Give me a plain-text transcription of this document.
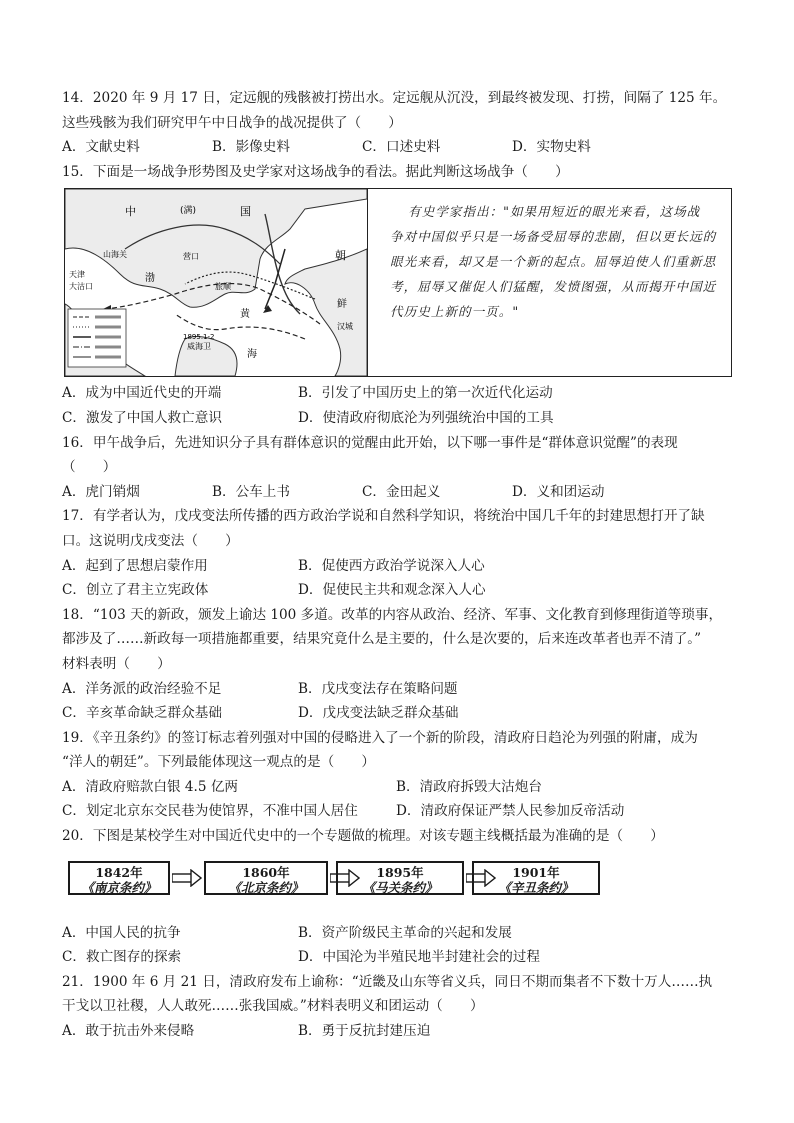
14．2020 年 9 月 17 日，定远舰的残骸被打捞出水。定远舰从沉没，到最终被发现、打捞，间隔了 125 年。
这些残骸为我们研究甲午中日战争的战况提供了（　　）
A．文献史料	B．影像史料	C．口述史料	D．实物史料
15．下面是一场战争形势图及史学家对这场战争的看法。据此判断这场战争（　　）
中	(满)	国
朝
山海关	营口
天津
大沽口
黄
海
渤
鲜
汉城
威海卫
旅顺
1895.1-2
有史学家指出："如果用短近的眼光来看，这场战
争对中国似乎只是一场备受屈辱的悲剧，但以更长远的
眼光来看，却又是一个新的起点。屈辱迫使人们重新思
考，屈辱又催促人们猛醒，发愤图强，从而揭开中国近
代历史上新的一页。"
A．成为中国近代史的开端	B．引发了中国历史上的第一次近代化运动
C．激发了中国人救亡意识	D．使清政府彻底沦为列强统治中国的工具
16．甲午战争后，先进知识分子具有群体意识的觉醒由此开始，以下哪一事件是“群体意识觉醒”的表现
（　　）
A．虎门销烟	B．公车上书	C．金田起义	D．义和团运动
17．有学者认为，戊戌变法所传播的西方政治学说和自然科学知识，将统治中国几千年的封建思想打开了缺
口。这说明戊戌变法（　　）
A．起到了思想启蒙作用	B．促使西方政治学说深入人心
C．创立了君主立宪政体	D．促使民主共和观念深入人心
18．“103 天的新政，颁发上谕达 100 多道。改革的内容从政治、经济、军事、文化教育到修理街道等琐事，
都涉及了……新政每一项措施都重要，结果究竟什么是主要的，什么是次要的，后来连改革者也弄不清了。”
材料表明（　　）
A．洋务派的政治经验不足	B．戊戌变法存在策略问题
C．辛亥革命缺乏群众基础	D．戊戌变法缺乏群众基础
19．《辛丑条约》的签订标志着列强对中国的侵略进入了一个新的阶段，清政府日趋沦为列强的附庸，成为
“洋人的朝廷”。下列最能体现这一观点的是（　　）
A．清政府赔款白银 4.5 亿两	B．清政府拆毁大沽炮台
C．划定北京东交民巷为使馆界，不准中国人居住	D．清政府保证严禁人民参加反帝活动
20．下图是某校学生对中国近代史中的一个专题做的梳理。对该专题主线概括最为准确的是（　　）
1842年
《南京条约》
1860年
《北京条约》
1895年
《马关条约》
1901年
《辛丑条约》
A．中国人民的抗争	B．资产阶级民主革命的兴起和发展
C．救亡图存的探索	D．中国沦为半殖民地半封建社会的过程
21．1900 年 6 月 21 日，清政府发布上谕称：“近畿及山东等省义兵，同日不期而集者不下数十万人……执
干戈以卫社稷，人人敢死……张我国威。”材料表明义和团运动（　　）
A．敢于抗击外来侵略	B．勇于反抗封建压迫
